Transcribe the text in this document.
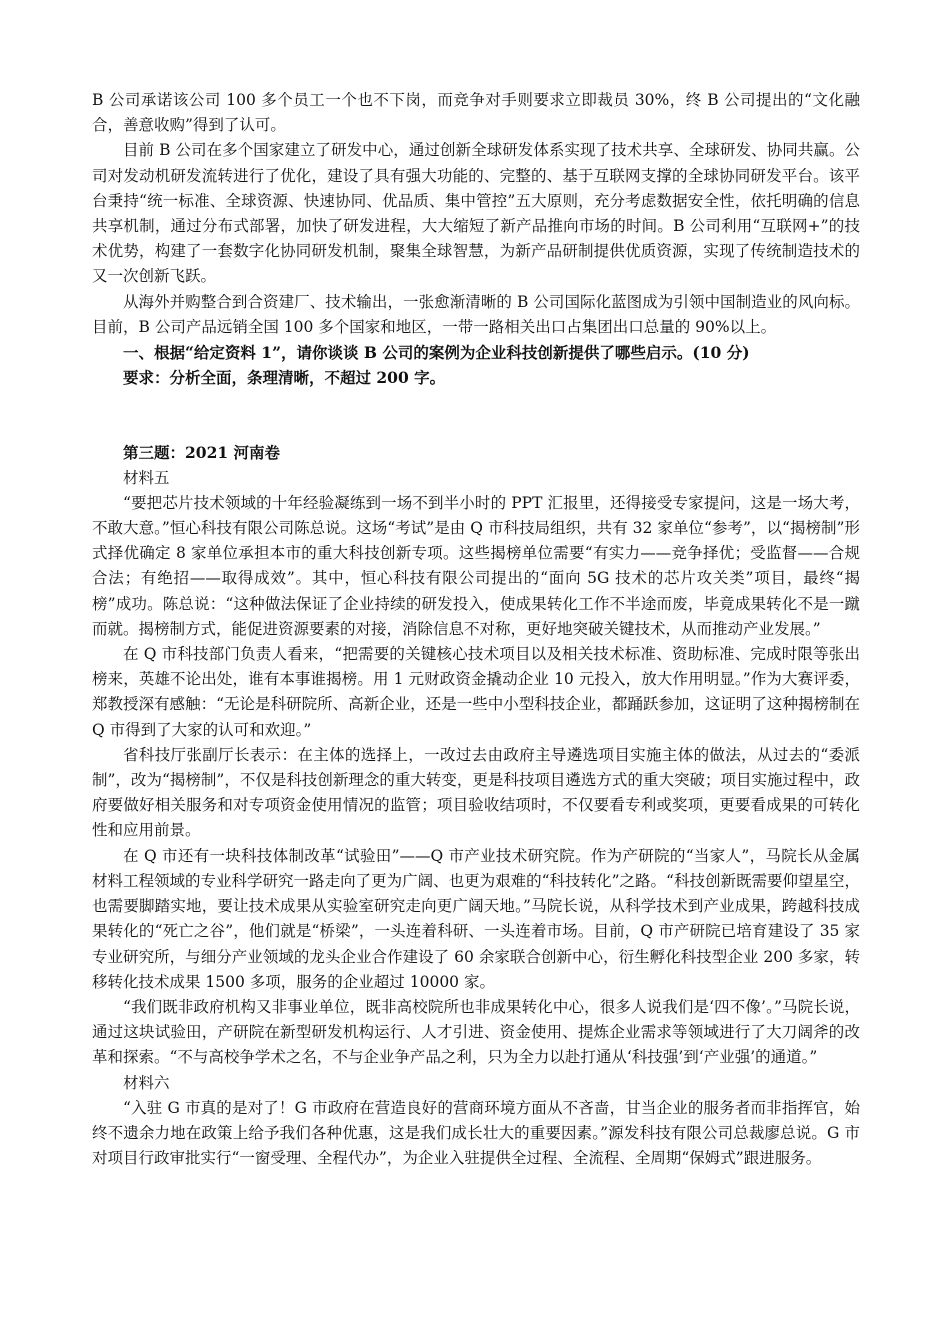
B 公司承诺该公司 100 多个员工一个也不下岗，而竞争对手则要求立即裁员 30%，终 B 公司提出的“文化融合，善意收购”得到了认可。

目前 B 公司在多个国家建立了研发中心，通过创新全球研发体系实现了技术共享、全球研发、协同共赢。公司对发动机研发流转进行了优化，建设了具有强大功能的、完整的、基于互联网支撑的全球协同研发平台。该平台秉持“统一标准、全球资源、快速协同、优品质、集中管控”五大原则，充分考虑数据安全性，依托明确的信息共享机制，通过分布式部署，加快了研发进程，大大缩短了新产品推向市场的时间。B 公司利用“互联网+”的技术优势，构建了一套数字化协同研发机制，聚集全球智慧，为新产品研制提供优质资源，实现了传统制造技术的又一次创新飞跃。

从海外并购整合到合资建厂、技术输出，一张愈渐清晰的 B 公司国际化蓝图成为引领中国制造业的风向标。目前，B 公司产品远销全国 100 多个国家和地区，一带一路相关出口占集团出口总量的 90%以上。

一、根据“给定资料 1”，请你谈谈 B 公司的案例为企业科技创新提供了哪些启示。(10 分)

要求：分析全面，条理清晰，不超过 200 字。

第三题：2021 河南卷

材料五

“要把芯片技术领域的十年经验凝练到一场不到半小时的 PPT 汇报里，还得接受专家提问，这是一场大考，不敢大意。”恒心科技有限公司陈总说。这场“考试”是由 Q 市科技局组织，共有 32 家单位“参考”，以“揭榜制”形式择优确定 8 家单位承担本市的重大科技创新专项。这些揭榜单位需要“有实力——竞争择优；受监督——合规合法；有绝招——取得成效”。其中，恒心科技有限公司提出的“面向 5G 技术的芯片攻关类”项目，最终“揭榜”成功。陈总说：“这种做法保证了企业持续的研发投入，使成果转化工作不半途而废，毕竟成果转化不是一蹴而就。揭榜制方式，能促进资源要素的对接，消除信息不对称，更好地突破关键技术，从而推动产业发展。”

在 Q 市科技部门负责人看来，“把需要的关键核心技术项目以及相关技术标准、资助标准、完成时限等张出榜来，英雄不论出处，谁有本事谁揭榜。用 1 元财政资金撬动企业 10 元投入，放大作用明显。”作为大赛评委，郑教授深有感触：“无论是科研院所、高新企业，还是一些中小型科技企业，都踊跃参加，这证明了这种揭榜制在 Q 市得到了大家的认可和欢迎。”

省科技厅张副厅长表示：在主体的选择上，一改过去由政府主导遴选项目实施主体的做法，从过去的“委派制”，改为“揭榜制”，不仅是科技创新理念的重大转变，更是科技项目遴选方式的重大突破；项目实施过程中，政府要做好相关服务和对专项资金使用情况的监管；项目验收结项时，不仅要看专利或奖项，更要看成果的可转化性和应用前景。

在 Q 市还有一块科技体制改革“试验田”——Q 市产业技术研究院。作为产研院的“当家人”，马院长从金属材料工程领域的专业科学研究一路走向了更为广阔、也更为艰难的“科技转化”之路。“科技创新既需要仰望星空，也需要脚踏实地，要让技术成果从实验室研究走向更广阔天地。”马院长说，从科学技术到产业成果，跨越科技成果转化的“死亡之谷”，他们就是“桥梁”，一头连着科研、一头连着市场。目前，Q 市产研院已培育建设了 35 家专业研究所，与细分产业领域的龙头企业合作建设了 60 余家联合创新中心，衍生孵化科技型企业 200 多家，转移转化技术成果 1500 多项，服务的企业超过 10000 家。

“我们既非政府机构又非事业单位，既非高校院所也非成果转化中心，很多人说我们是‘四不像’。”马院长说，通过这块试验田，产研院在新型研发机构运行、人才引进、资金使用、提炼企业需求等领域进行了大刀阔斧的改革和探索。“不与高校争学术之名，不与企业争产品之利，只为全力以赴打通从‘科技强’到‘产业强’的通道。”

材料六

“入驻 G 市真的是对了！G 市政府在营造良好的营商环境方面从不吝啬，甘当企业的服务者而非指挥官，始终不遗余力地在政策上给予我们各种优惠，这是我们成长壮大的重要因素。”源发科技有限公司总裁廖总说。G 市对项目行政审批实行“一窗受理、全程代办”，为企业入驻提供全过程、全流程、全周期“保姆式”跟进服务。
